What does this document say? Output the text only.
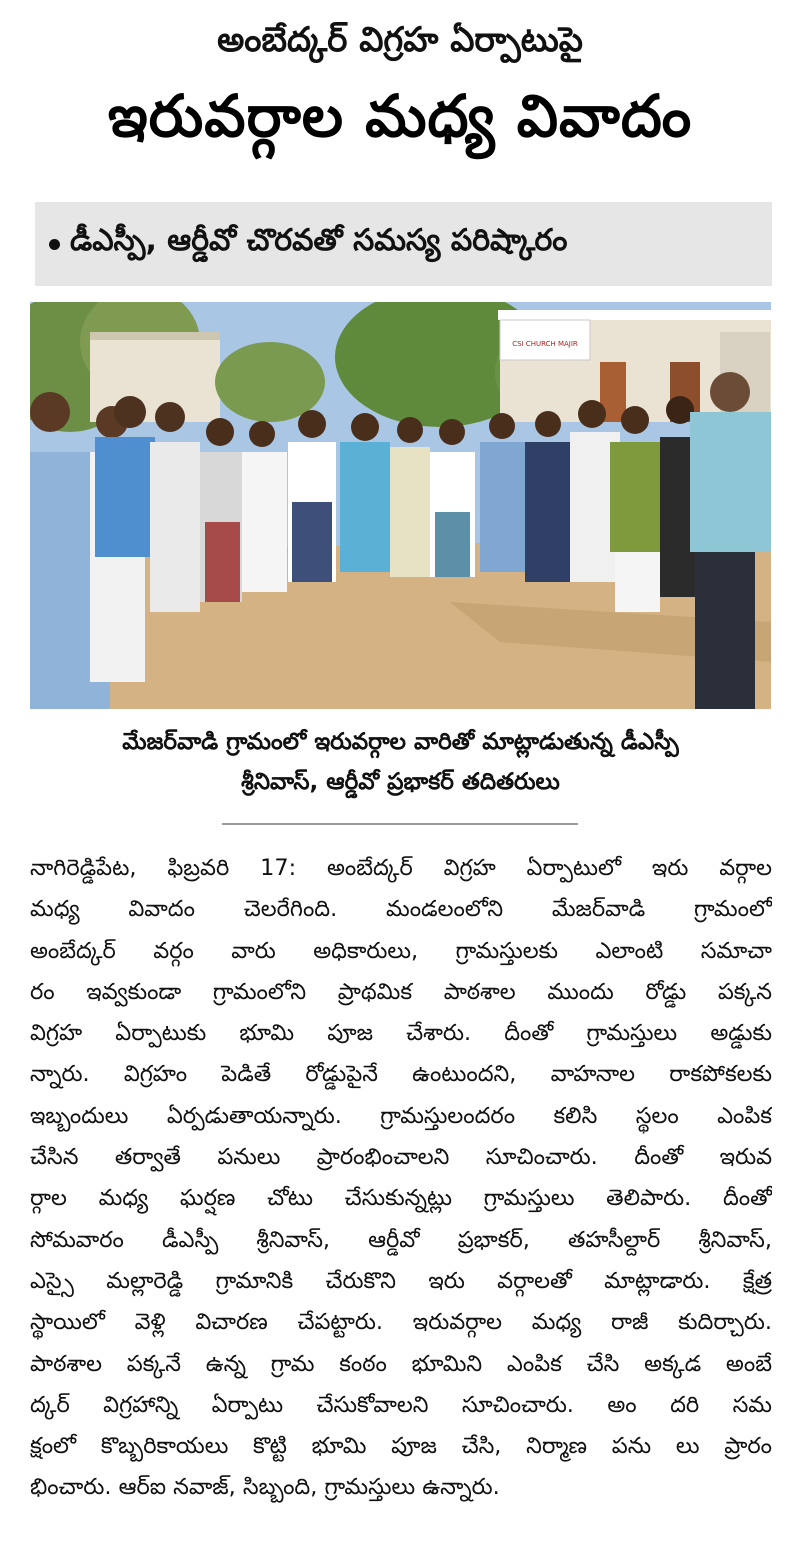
అంబేద్కర్ విగ్రహ ఏర్పాటుపై
ఇరువర్గాల మధ్య వివాదం
డీఎస్పీ, ఆర్డీవో చొరవతో సమస్య పరిష్కారం
CSI CHURCH MAJIR
మేజర్‌వాడి గ్రామంలో ఇరువర్గాల వారితో మాట్లాడుతున్న డీఎస్పీ
శ్రీనివాస్, ఆర్డీవో ప్రభాకర్ తదితరులు
నాగిరెడ్డిపేట, ఫిబ్రవరి 17: అంబేద్కర్ విగ్రహ ఏర్పాటులో ఇరు వర్గాల
మధ్య వివాదం చెలరేగింది. మండలంలోని మేజర్‌వాడి గ్రామంలో
అంబేద్కర్ వర్గం వారు అధికారులు, గ్రామస్తులకు ఎలాంటి సమాచా
రం ఇవ్వకుండా గ్రామంలోని ప్రాథమిక పాఠశాల ముందు రోడ్డు పక్కన
విగ్రహ ఏర్పాటుకు భూమి పూజ చేశారు. దీంతో గ్రామస్తులు అడ్డుకు
న్నారు. విగ్రహం పెడితే రోడ్డుపైనే ఉంటుందని, వాహనాల రాకపోకలకు
ఇబ్బందులు ఏర్పడుతాయన్నారు. గ్రామస్తులందరం కలిసి స్థలం ఎంపిక
చేసిన తర్వాతే పనులు ప్రారంభించాలని సూచించారు. దీంతో ఇరువ
ర్గాల మధ్య ఘర్షణ చోటు చేసుకున్నట్లు గ్రామస్తులు తెలిపారు. దీంతో
సోమవారం డీఎస్పీ శ్రీనివాస్, ఆర్డీవో ప్రభాకర్, తహసీల్దార్ శ్రీనివాస్,
ఎస్సై మల్లారెడ్డి గ్రామానికి చేరుకొని ఇరు వర్గాలతో మాట్లాడారు. క్షేత్ర
స్థాయిలో వెళ్లి విచారణ చేపట్టారు. ఇరువర్గాల మధ్య రాజీ కుదిర్చారు.
పాఠశాల పక్కనే ఉన్న గ్రామ కంఠం భూమిని ఎంపిక చేసి అక్కడ అంబే
ద్కర్ విగ్రహాన్ని ఏర్పాటు చేసుకోవాలని సూచించారు. అం దరి సమ
క్షంలో కొబ్బరికాయలు కొట్టి భూమి పూజ చేసి, నిర్మాణ పను లు ప్రారం
భించారు. ఆర్ఐ నవాజ్, సిబ్బంది, గ్రామస్తులు ఉన్నారు.
